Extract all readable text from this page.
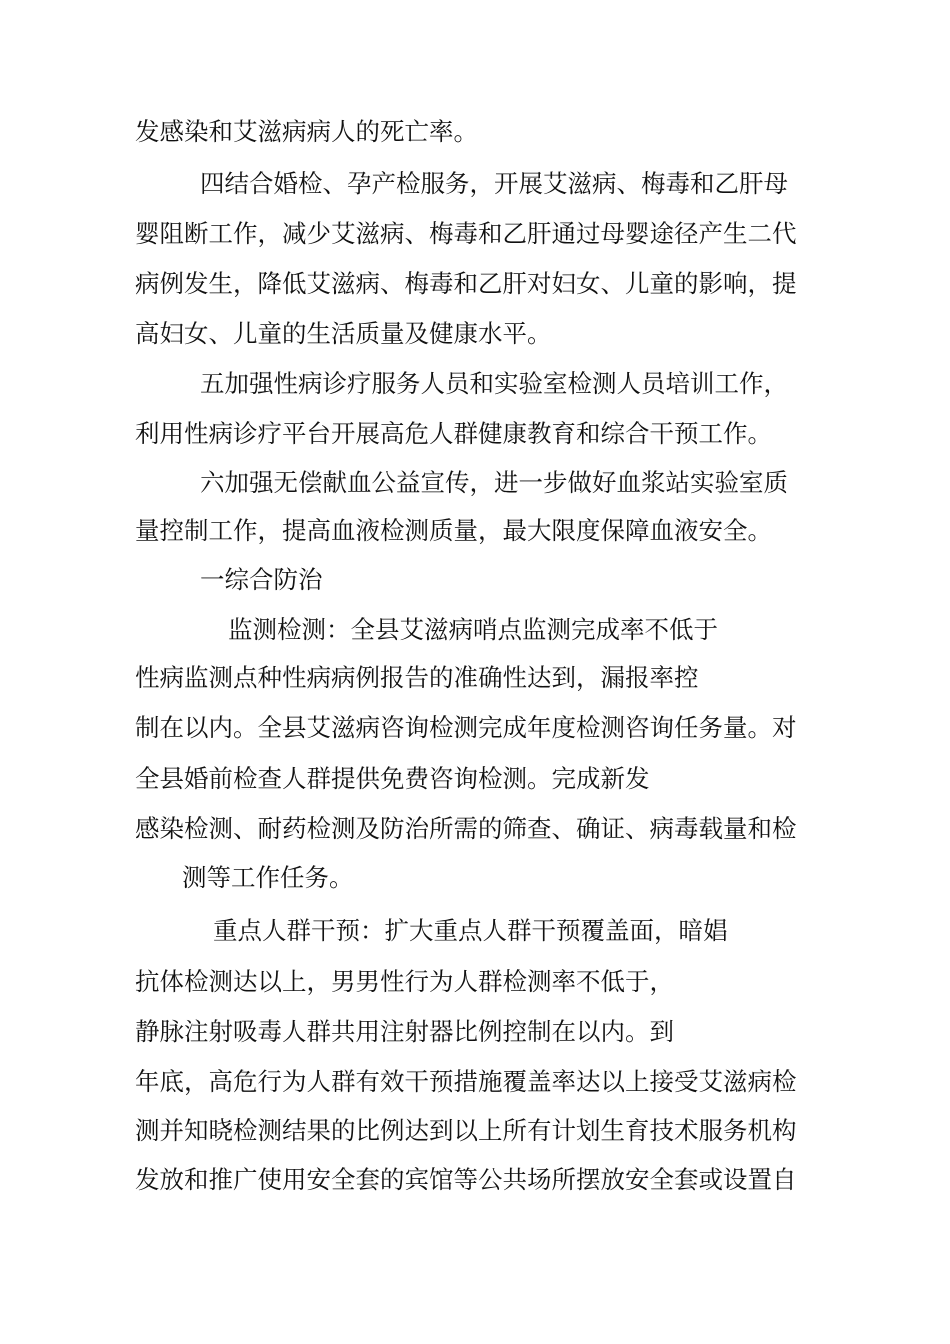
发感染和艾滋病病人的死亡率。
四结合婚检、孕产检服务，开展艾滋病、梅毒和乙肝母
婴阻断工作，减少艾滋病、梅毒和乙肝通过母婴途径产生二代
病例发生，降低艾滋病、梅毒和乙肝对妇女、儿童的影响，提
高妇女、儿童的生活质量及健康水平。
五加强性病诊疗服务人员和实验室检测人员培训工作，
利用性病诊疗平台开展高危人群健康教育和综合干预工作。
六加强无偿献血公益宣传，进一步做好血浆站实验室质
量控制工作，提高血液检测质量，最大限度保障血液安全。
一综合防治
监测检测：全县艾滋病哨点监测完成率不低于
性病监测点种性病病例报告的准确性达到，漏报率控
制在以内。全县艾滋病咨询检测完成年度检测咨询任务量。对
全县婚前检查人群提供免费咨询检测。完成新发
感染检测、耐药检测及防治所需的筛查、确证、病毒载量和检
测等工作任务。
重点人群干预：扩大重点人群干预覆盖面，暗娼
抗体检测达以上，男男性行为人群检测率不低于，
静脉注射吸毒人群共用注射器比例控制在以内。到
年底，高危行为人群有效干预措施覆盖率达以上接受艾滋病检
测并知晓检测结果的比例达到以上所有计划生育技术服务机构
发放和推广使用安全套的宾馆等公共场所摆放安全套或设置自
